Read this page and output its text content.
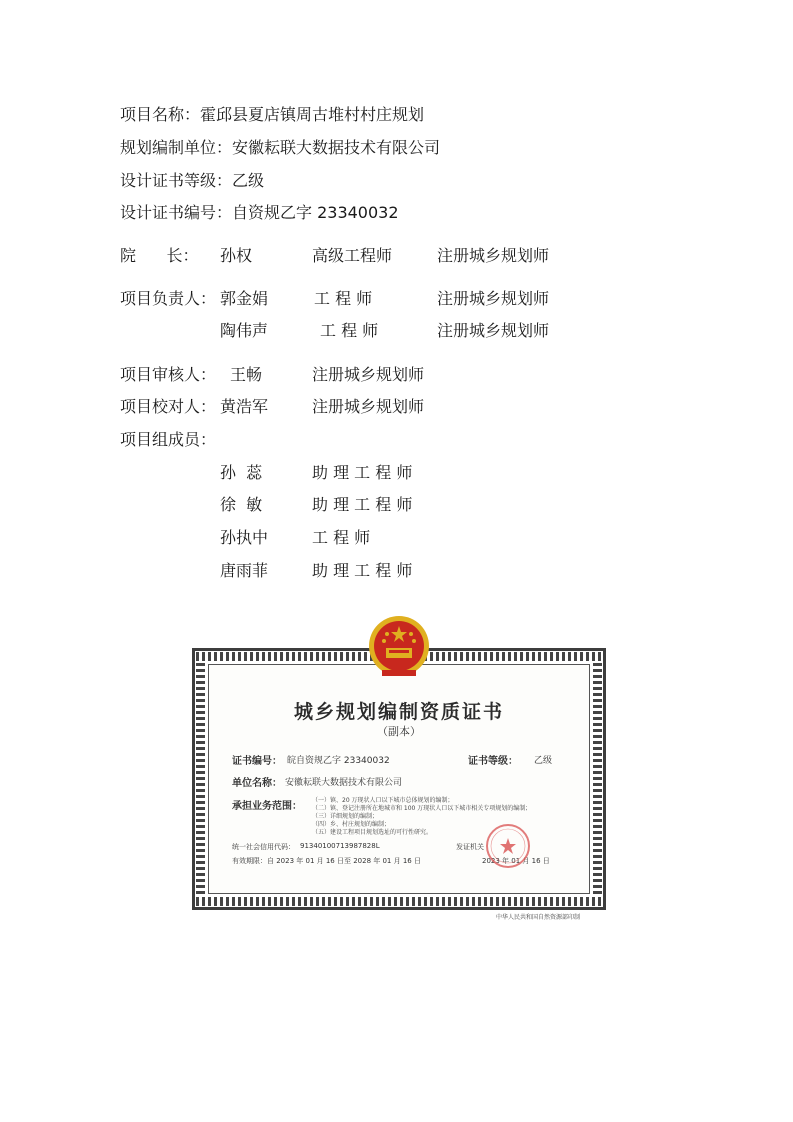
项目名称： 霍邱县夏店镇周古堆村村庄规划
规划编制单位： 安徽耘联大数据技术有限公司
设计证书等级： 乙级
设计证书编号： 自资规乙字 23340032
院      长： 孙权	高级工程师	注册城乡规划师
项目负责人： 郭金娟	工 程 师	注册城乡规划师
陶伟声	工 程 师	注册城乡规划师
项目审核人： 王畅	注册城乡规划师
项目校对人： 黄浩军	注册城乡规划师
项目组成员：
孙  蕊	助 理 工 程 师
徐  敏	助 理 工 程 师
孙执中	工 程 师
唐雨菲	助 理 工 程 师
城乡规划编制资质证书
（副本）
证书编号： 皖自资规乙字 23340032	证书等级： 乙级
单位名称： 安徽耘联大数据技术有限公司
承担业务范围：
（一）镇、20 万现状人口以下城市总体规划的编制；
（二）镇、登记注册所在地城市和 100 万现状人口以下城市相关专项规划的编制；
（三）详细规划的编制；
（四）乡、村庄规划的编制；
（五）建设工程项目规划选址的可行性研究。
统一社会信用代码： 91340100713987828L	发证机关
有效期限：自 2023 年 01 月 16 日至 2028 年 01 月 16 日	2023 年 01 月 16 日
中华人民共和国自然资源部印制
